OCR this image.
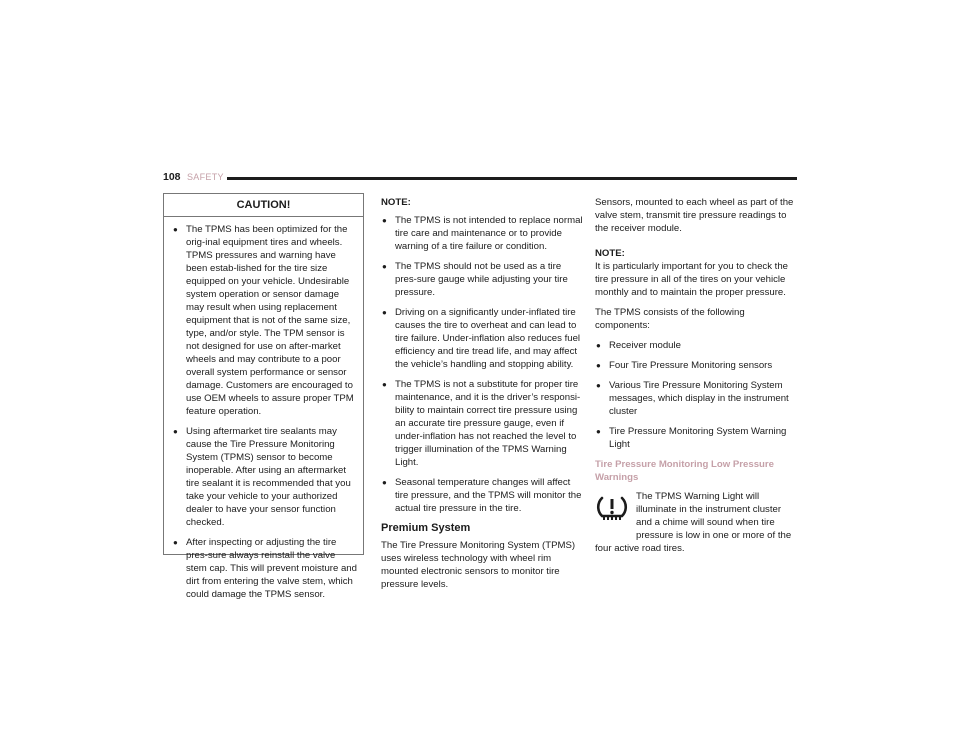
108 SAFETY
CAUTION!
● The TPMS has been optimized for the orig-inal equipment tires and wheels. TPMS pressures and warning have been estab-lished for the tire size equipped on your vehicle. Undesirable system operation or sensor damage may result when using replacement equipment that is not of the same size, type, and/or style. The TPM sensor is not designed for use on after-market wheels and may contribute to a poor overall system performance or sensor damage. Customers are encouraged to use OEM wheels to assure proper TPM feature operation.
● Using aftermarket tire sealants may cause the Tire Pressure Monitoring System (TPMS) sensor to become inoperable. After using an aftermarket tire sealant it is recommended that you take your vehicle to your authorized dealer to have your sensor function checked.
● After inspecting or adjusting the tire pres-sure always reinstall the valve stem cap. This will prevent moisture and dirt from entering the valve stem, which could damage the TPMS sensor.
NOTE:
● The TPMS is not intended to replace normal tire care and maintenance or to provide warning of a tire failure or condition.
● The TPMS should not be used as a tire pres-sure gauge while adjusting your tire pressure.
● Driving on a significantly under-inflated tire causes the tire to overheat and can lead to tire failure. Under-inflation also reduces fuel efficiency and tire tread life, and may affect the vehicle’s handling and stopping ability.
● The TPMS is not a substitute for proper tire maintenance, and it is the driver’s responsi-bility to maintain correct tire pressure using an accurate tire pressure gauge, even if under-inflation has not reached the level to trigger illumination of the TPMS Warning Light.
● Seasonal temperature changes will affect tire pressure, and the TPMS will monitor the actual tire pressure in the tire.
Premium System

The Tire Pressure Monitoring System (TPMS) uses wireless technology with wheel rim mounted electronic sensors to monitor tire pressure levels.

Sensors, mounted to each wheel as part of the valve stem, transmit tire pressure readings to the receiver module.

NOTE:

It is particularly important for you to check the tire pressure in all of the tires on your vehicle monthly and to maintain the proper pressure.

The TPMS consists of the following components:

● Receiver module
● Four Tire Pressure Monitoring sensors
● Various Tire Pressure Monitoring System messages, which display in the instrument cluster
● Tire Pressure Monitoring System Warning Light
Tire Pressure Monitoring Low Pressure Warnings

The TPMS Warning Light will illuminate in the instrument cluster and a chime will sound when tire pressure is low in one or more of the
four active road tires.
